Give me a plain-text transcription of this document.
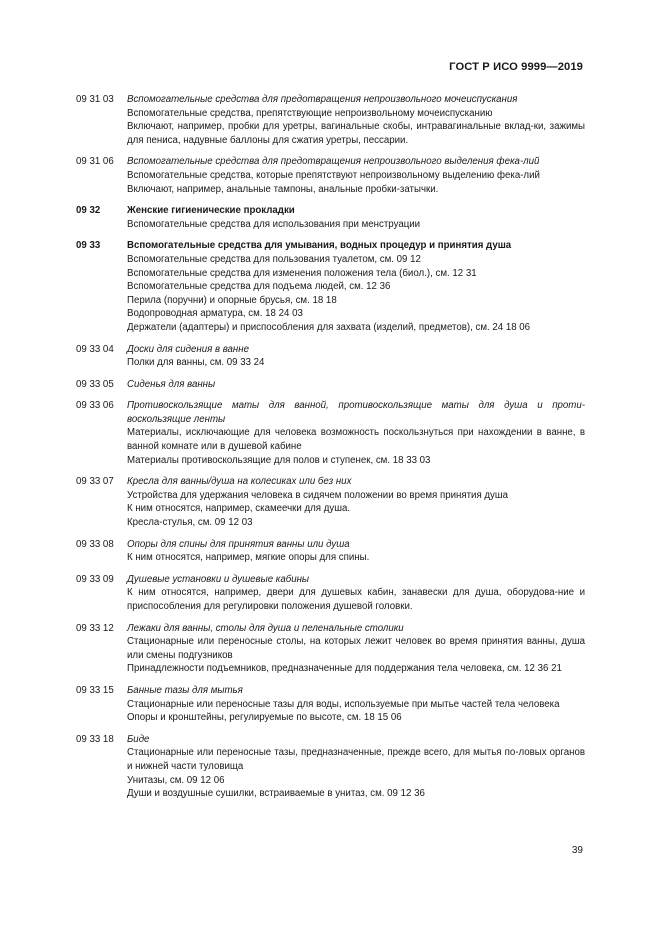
ГОСТ Р ИСО 9999—2019
09 31 03 Вспомогательные средства для предотвращения непроизвольного мочеиспускания
Вспомогательные средства, препятствующие непроизвольному мочеиспусканию
Включают, например, пробки для уретры, вагинальные скобы, интравагинальные вклад-ки, зажимы для пениса, надувные баллоны для сжатия уретры, пессарии.
09 31 06 Вспомогательные средства для предотвращения непроизвольного выделения фека-лий
Вспомогательные средства, которые препятствуют непроизвольному выделению фека-лий
Включают, например, анальные тампоны, анальные пробки-затычки.
09 32	Женские гигиенические прокладки
Вспомогательные средства для использования при менструации
09 33	Вспомогательные средства для умывания, водных процедур и принятия душа
Вспомогательные средства для пользования туалетом, см. 09 12
Вспомогательные средства для изменения положения тела (биол.), см. 12 31
Вспомогательные средства для подъема людей, см. 12 36
Перила (поручни) и опорные брусья, см. 18 18
Водопроводная арматура, см. 18 24 03
Держатели (адаптеры) и приспособления для захвата (изделий, предметов), см. 24 18 06
09 33 04 Доски для сидения в ванне
Полки для ванны, см. 09 33 24
09 33 05 Сиденья для ванны
09 33 06 Противоскользящие маты для ванной, противоскользящие маты для душа и проти-воскользящие ленты
Материалы, исключающие для человека возможность поскользнуться при нахождении в ванне, в ванной комнате или в душевой кабине
Материалы противоскользящие для полов и ступенек, см. 18 33 03
09 33 07 Кресла для ванны/душа на колесиках или без них
Устройства для удержания человека в сидячем положении во время принятия душа
К ним относятся, например, скамеечки для душа.
Кресла-стулья, см. 09 12 03
09 33 08 Опоры для спины для принятия ванны или душа
К ним относятся, например, мягкие опоры для спины.
09 33 09 Душевые установки и душевые кабины
К ним относятся, например, двери для душевых кабин, занавески для душа, оборудова-ние и приспособления для регулировки положения душевой головки.
09 33 12 Лежаки для ванны, столы для душа и пеленальные столики
Стационарные или переносные столы, на которых лежит человек во время принятия ванны, душа или смены подгузников
Принадлежности подъемников, предназначенные для поддержания тела человека, см. 12 36 21
09 33 15 Банные тазы для мытья
Стационарные или переносные тазы для воды, используемые при мытье частей тела человека
Опоры и кронштейны, регулируемые по высоте, см. 18 15 06
09 33 18 Биде
Стационарные или переносные тазы, предназначенные, прежде всего, для мытья по-ловых органов и нижней части туловища
Унитазы, см. 09 12 06
Души и воздушные сушилки, встраиваемые в унитаз, см. 09 12 36
39
